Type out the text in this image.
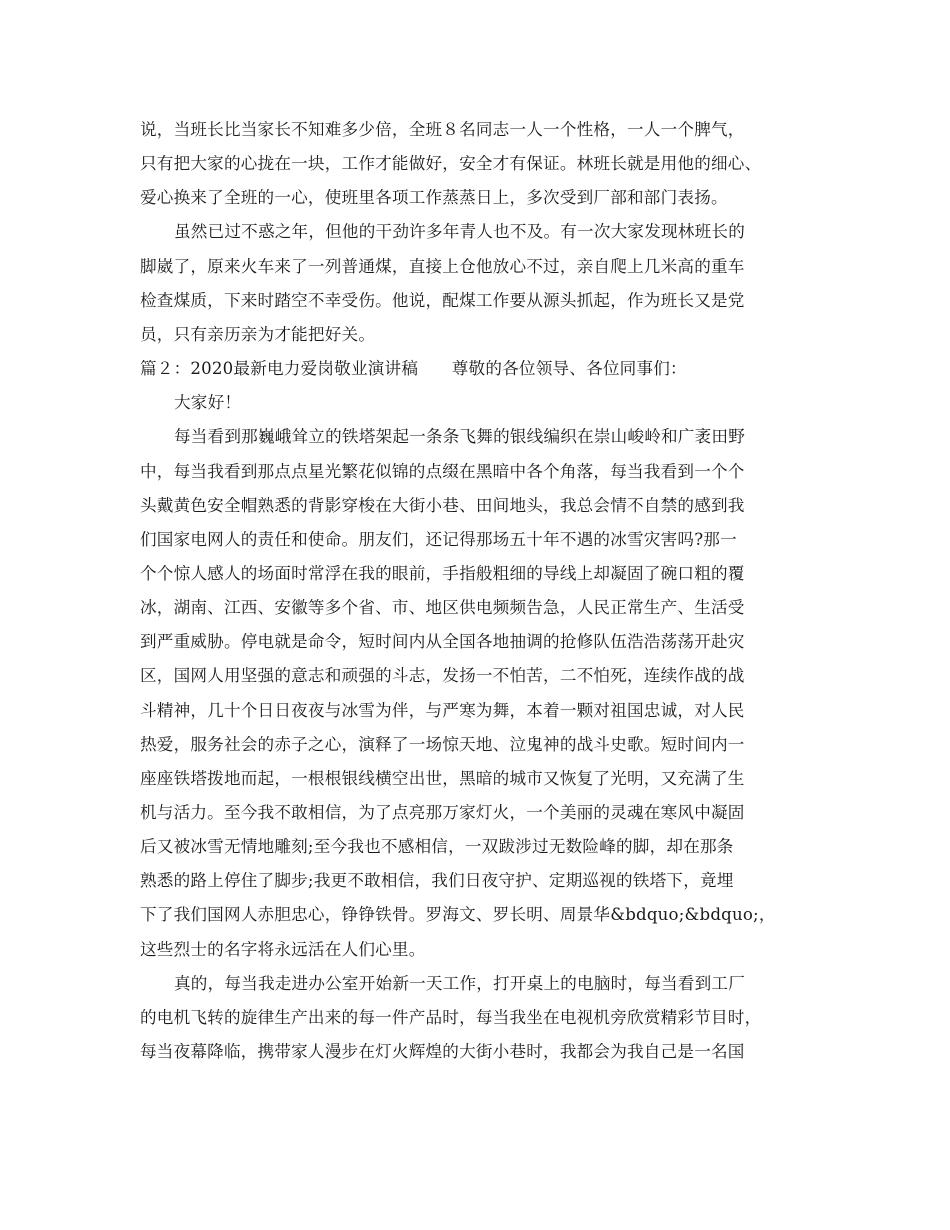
说，当班长比当家长不知难多少倍，全班８名同志一人一个性格，一人一个脾气，
只有把大家的心拢在一块，工作才能做好，安全才有保证。林班长就是用他的细心、
爱心换来了全班的一心，使班里各项工作蒸蒸日上，多次受到厂部和部门表扬。
虽然已过不惑之年，但他的干劲许多年青人也不及。有一次大家发现林班长的
脚崴了，原来火车来了一列普通煤，直接上仓他放心不过，亲自爬上几米高的重车
检查煤质，下来时踏空不幸受伤。他说，配煤工作要从源头抓起，作为班长又是党
员，只有亲历亲为才能把好关。
篇２：2020最新电力爱岗敬业演讲稿　　尊敬的各位领导、各位同事们：
大家好！
每当看到那巍峨耸立的铁塔架起一条条飞舞的银线编织在崇山峻岭和广袤田野
中，每当我看到那点点星光繁花似锦的点缀在黑暗中各个角落，每当我看到一个个
头戴黄色安全帽熟悉的背影穿梭在大街小巷、田间地头，我总会情不自禁的感到我
们国家电网人的责任和使命。朋友们，还记得那场五十年不遇的冰雪灾害吗?那一
个个惊人感人的场面时常浮在我的眼前，手指般粗细的导线上却凝固了碗口粗的覆
冰，湖南、江西、安徽等多个省、市、地区供电频频告急，人民正常生产、生活受
到严重威胁。停电就是命令，短时间内从全国各地抽调的抢修队伍浩浩荡荡开赴灾
区，国网人用坚强的意志和顽强的斗志，发扬一不怕苦，二不怕死，连续作战的战
斗精神，几十个日日夜夜与冰雪为伴，与严寒为舞，本着一颗对祖国忠诚，对人民
热爱，服务社会的赤子之心，演释了一场惊天地、泣鬼神的战斗史歌。短时间内一
座座铁塔拨地而起，一根根银线横空出世，黑暗的城市又恢复了光明，又充满了生
机与活力。至今我不敢相信，为了点亮那万家灯火，一个美丽的灵魂在寒风中凝固
后又被冰雪无情地雕刻;至今我也不感相信，一双跋涉过无数险峰的脚，却在那条
熟悉的路上停住了脚步;我更不敢相信，我们日夜守护、定期巡视的铁塔下，竟埋
下了我们国网人赤胆忠心，铮铮铁骨。罗海文、罗长明、周景华&bdquo;&bdquo;，
这些烈士的名字将永远活在人们心里。
真的，每当我走进办公室开始新一天工作，打开桌上的电脑时，每当看到工厂
的电机飞转的旋律生产出来的每一件产品时，每当我坐在电视机旁欣赏精彩节目时，
每当夜幕降临，携带家人漫步在灯火辉煌的大街小巷时，我都会为我自己是一名国
